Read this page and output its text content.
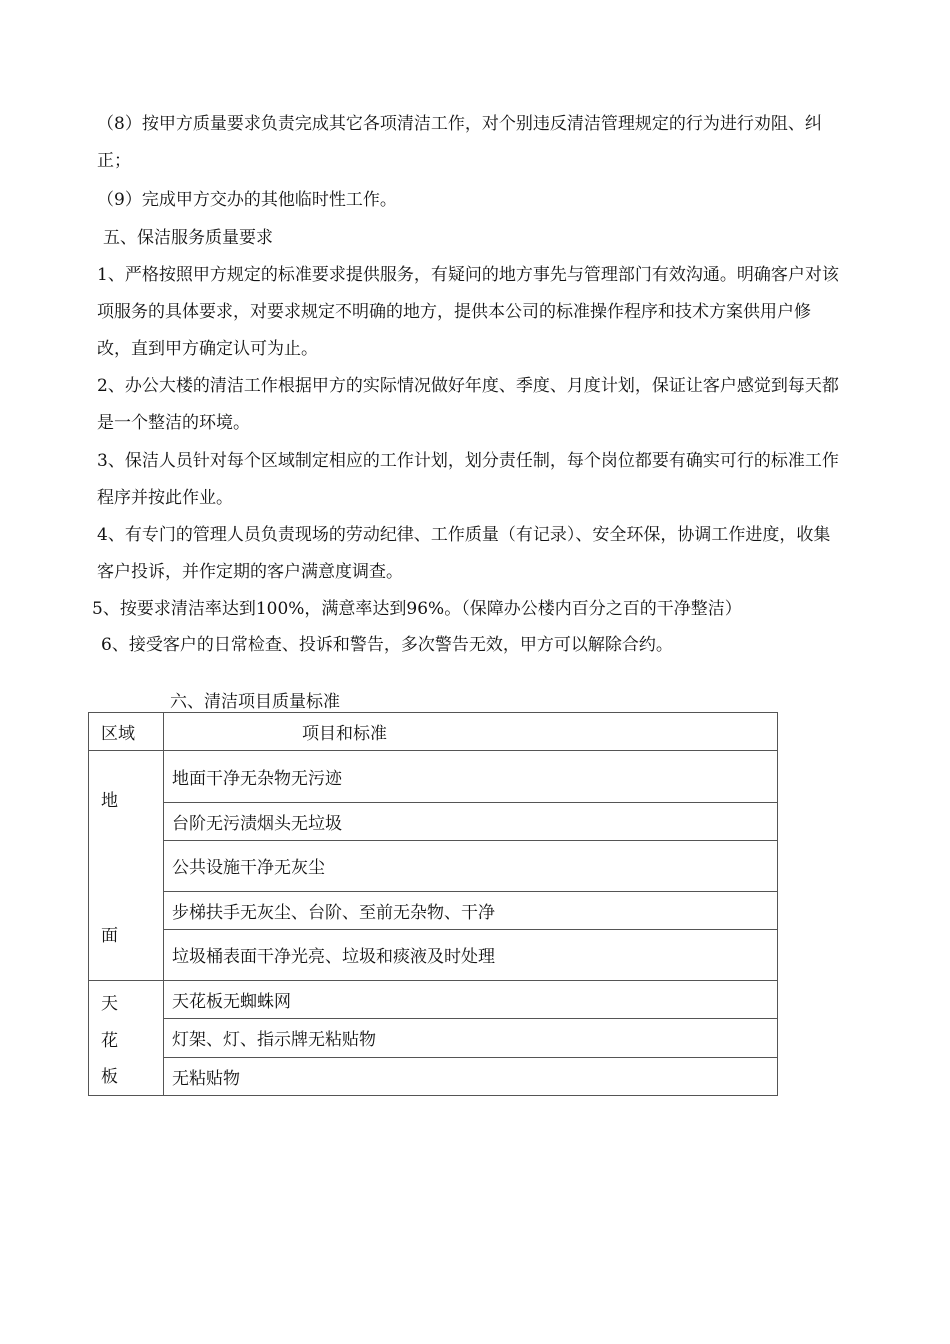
（8）按甲方质量要求负责完成其它各项清洁工作，对个别违反清洁管理规定的行为进行劝阻、纠正；

（9）完成甲方交办的其他临时性工作。

五、保洁服务质量要求

1、严格按照甲方规定的标准要求提供服务，有疑问的地方事先与管理部门有效沟通。明确客户对该项服务的具体要求，对要求规定不明确的地方，提供本公司的标准操作程序和技术方案供用户修改，直到甲方确定认可为止。

2、办公大楼的清洁工作根据甲方的实际情况做好年度、季度、月度计划，保证让客户感觉到每天都是一个整洁的环境。

3、保洁人员针对每个区域制定相应的工作计划，划分责任制，每个岗位都要有确实可行的标准工作程序并按此作业。

4、有专门的管理人员负责现场的劳动纪律、工作质量（有记录）、安全环保，协调工作进度，收集客户投诉，并作定期的客户满意度调查。

5、按要求清洁率达到100%，满意率达到96%。（保障办公楼内百分之百的干净整洁）

6、接受客户的日常检查、投诉和警告，多次警告无效，甲方可以解除合约。

六、清洁项目质量标准
区域	项目和标准

地
面	地面干净无杂物无污迹
	台阶无污渍烟头无垃圾
	公共设施干净无灰尘
	步梯扶手无灰尘、台阶、至前无杂物、干净
	垃圾桶表面干净光亮、垃圾和痰液及时处理

天
花
板	天花板无蜘蛛网
	灯架、灯、指示牌无粘贴物
	无粘贴物
